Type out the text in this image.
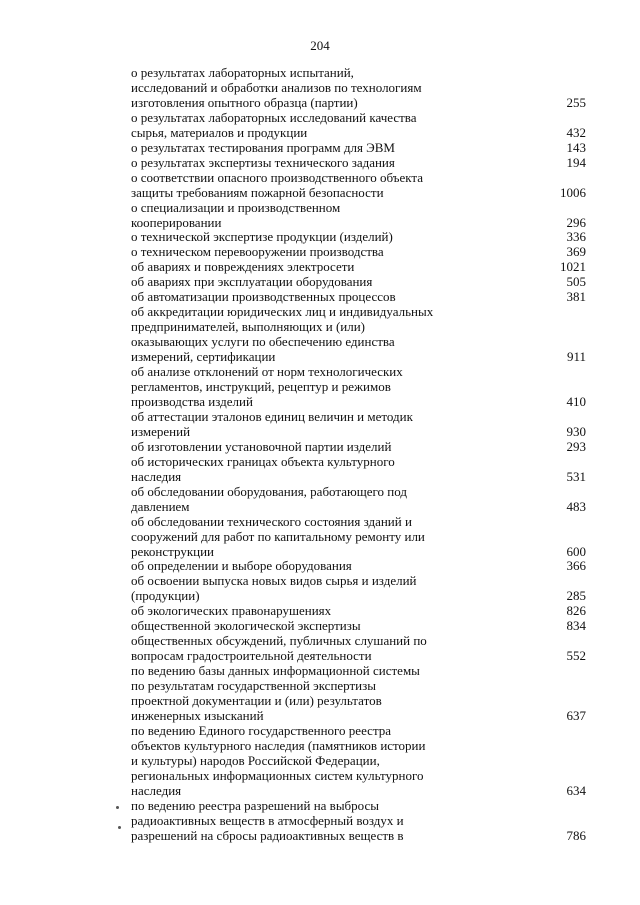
204
о результатах лабораторных испытаний,
исследований и обработки анализов по технологиям
изготовления опытного образца (партии)	255
о результатах лабораторных исследований качества
сырья, материалов и продукции	432
о результатах тестирования программ для ЭВМ	143
о результатах экспертизы технического задания	194
о соответствии опасного производственного объекта
защиты требованиям пожарной безопасности	1006
о специализации и производственном
кооперировании	296
о технической экспертизе продукции (изделий)	336
о техническом перевооружении производства	369
об авариях и повреждениях электросети	1021
об авариях при эксплуатации оборудования	505
об автоматизации производственных процессов	381
об аккредитации юридических лиц и индивидуальных
предпринимателей, выполняющих и (или)
оказывающих услуги по обеспечению единства
измерений, сертификации	911
об анализе отклонений от норм технологических
регламентов, инструкций, рецептур и режимов
производства изделий	410
об аттестации эталонов единиц величин и методик
измерений	930
об изготовлении установочной партии изделий	293
об исторических границах объекта культурного
наследия	531
об обследовании оборудования, работающего под
давлением	483
об обследовании технического состояния зданий и
сооружений для работ по капитальному ремонту или
реконструкции	600
об определении и выборе оборудования	366
об освоении выпуска новых видов сырья и изделий
(продукции)	285
об экологических правонарушениях	826
общественной экологической экспертизы	834
общественных обсуждений, публичных слушаний по
вопросам градостроительной деятельности	552
по ведению базы данных информационной системы
по результатам государственной экспертизы
проектной документации и (или) результатов
инженерных изысканий	637
по ведению Единого государственного реестра
объектов культурного наследия (памятников истории
и культуры) народов Российской Федерации,
региональных информационных систем культурного
наследия	634
по ведению реестра разрешений на выбросы
радиоактивных веществ в атмосферный воздух и
разрешений на сбросы радиоактивных веществ в	786
